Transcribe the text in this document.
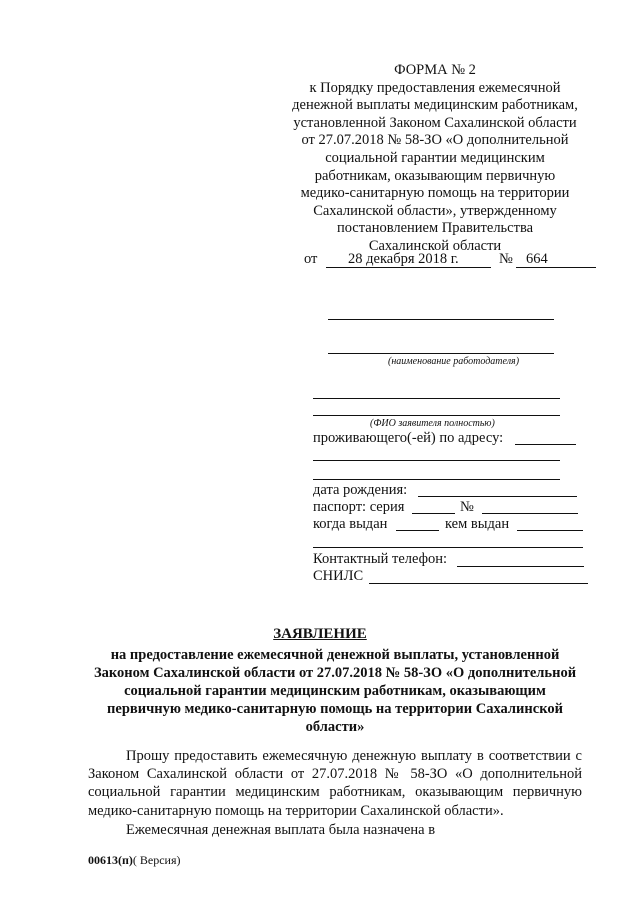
ФОРМА № 2
к Порядку предоставления ежемесячной
денежной выплаты медицинским работникам,
установленной Законом Сахалинской области
от 27.07.2018 № 58-ЗО «О дополнительной
социальной гарантии медицинским
работникам, оказывающим первичную
медико-санитарную помощь на территории
Сахалинской области», утвержденному
постановлением Правительства
Сахалинской области
от 28 декабря 2018 г.	№ 664
(наименование работодателя)
(ФИО заявителя полностью)
проживающего(-ей) по адресу:
дата рождения:
паспорт: серия	№
когда выдан	кем выдан
Контактный телефон:
СНИЛС
ЗАЯВЛЕНИЕ
на предоставление ежемесячной денежной выплаты, установленной
Законом Сахалинской области от 27.07.2018 № 58-ЗО «О дополнительной
социальной гарантии медицинским работникам, оказывающим
первичную медико-санитарную помощь на территории Сахалинской
области»
Прошу предоставить ежемесячную денежную выплату в соответствии с Законом Сахалинской области от 27.07.2018 № 58-ЗО «О дополнительной социальной гарантии медицинским работникам, оказывающим первичную медико-санитарную помощь на территории Сахалинской области».
Ежемесячная денежная выплата была назначена в
00613(п)( Версия)
